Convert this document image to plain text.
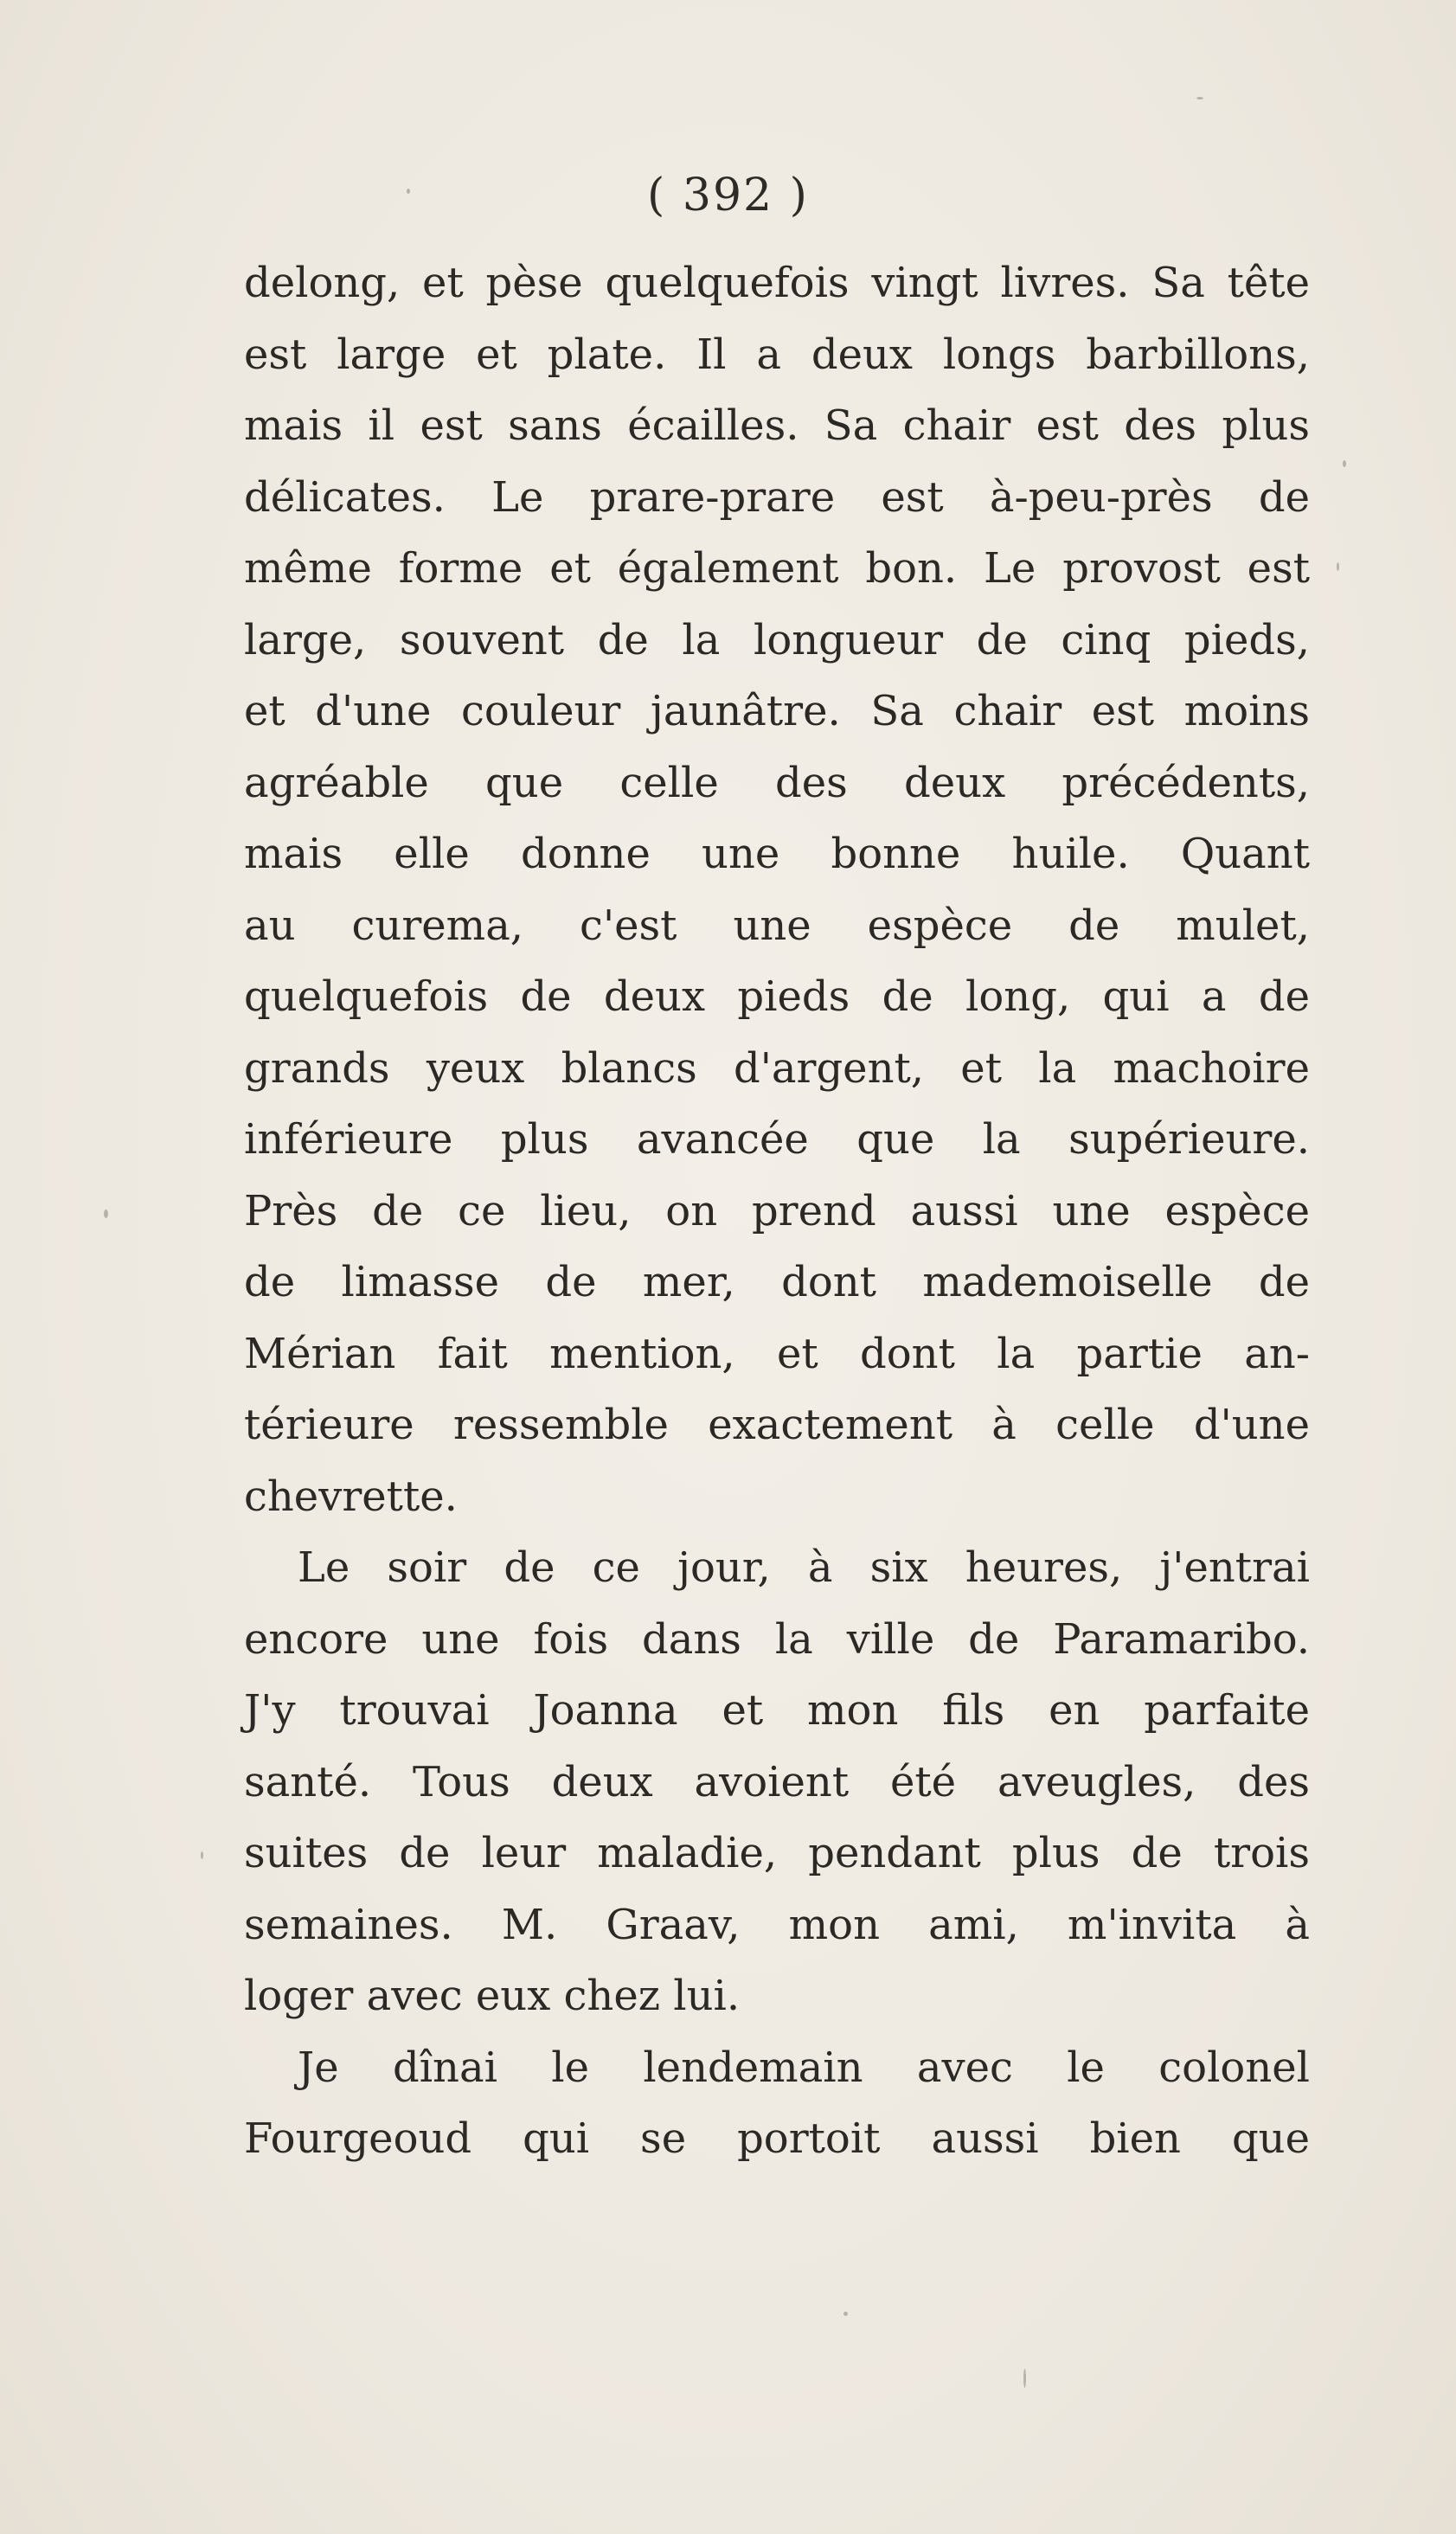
( 392 )
delong, et pèse quelquefois vingt livres. Sa tête
est large et plate. Il a deux longs barbillons,
mais il est sans écailles. Sa chair est des plus
délicates. Le prare-prare est à-peu-près de
même forme et également bon. Le provost est
large, souvent de la longueur de cinq pieds,
et d'une couleur jaunâtre. Sa chair est moins
agréable que celle des deux précédents,
mais elle donne une bonne huile. Quant
au curema, c'est une espèce de mulet,
quelquefois de deux pieds de long, qui a de
grands yeux blancs d'argent, et la machoire
inférieure plus avancée que la supérieure.
Près de ce lieu, on prend aussi une espèce
de limasse de mer, dont mademoiselle de
Mérian fait mention, et dont la partie an-
térieure ressemble exactement à celle d'une
chevrette.
Le soir de ce jour, à six heures, j'entrai
encore une fois dans la ville de Paramaribo.
J'y trouvai Joanna et mon fils en parfaite
santé. Tous deux avoient été aveugles, des
suites de leur maladie, pendant plus de trois
semaines. M. Graav, mon ami, m'invita à
loger avec eux chez lui.
Je dînai le lendemain avec le colonel
Fourgeoud qui se portoit aussi bien que
